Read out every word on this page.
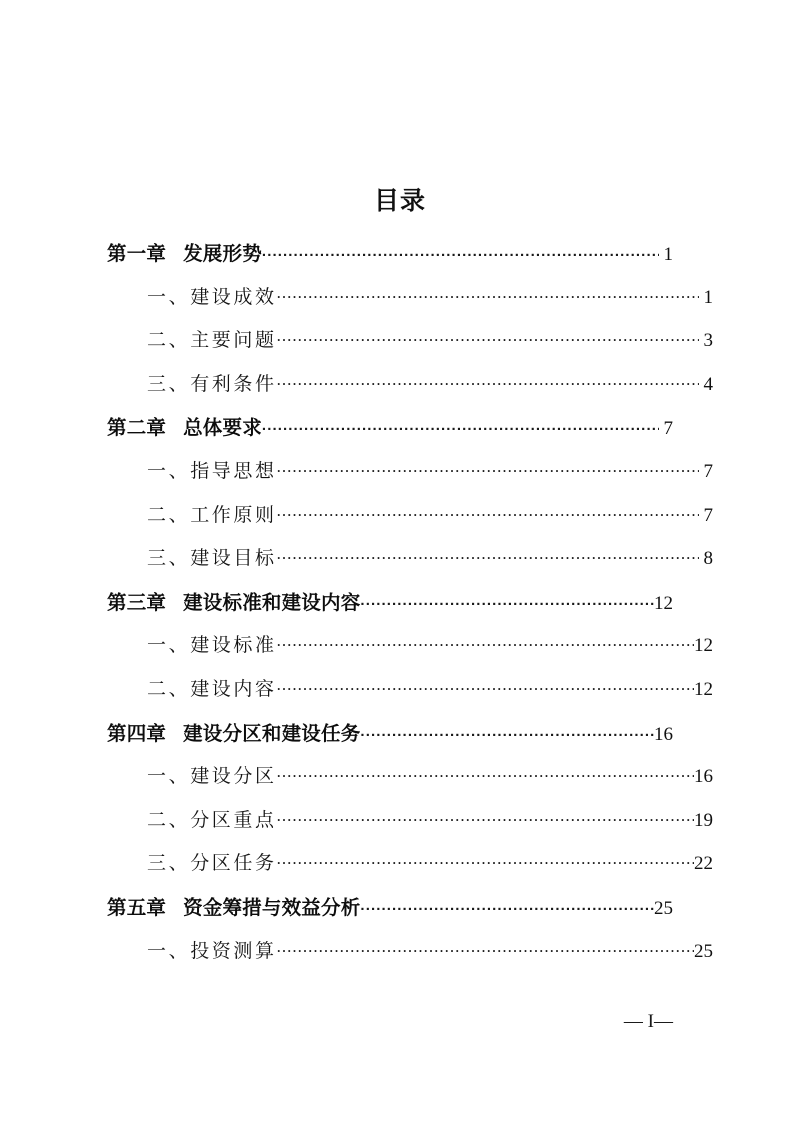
目录
第一章 发展形势 .....	1
一、建设成效 .....	1
二、主要问题 .....	3
三、有利条件 .....	4
第二章 总体要求 .....	7
一、指导思想 .....	7
二、工作原则 .....	7
三、建设目标 .....	8
第三章 建设标准和建设内容 .....	12
一、建设标准 .....	12
二、建设内容 .....	12
第四章 建设分区和建设任务 .....	16
一、建设分区 .....	16
二、分区重点 .....	19
三、分区任务 .....	22
第五章 资金筹措与效益分析 .....	25
一、投资测算 .....	25
— I—
